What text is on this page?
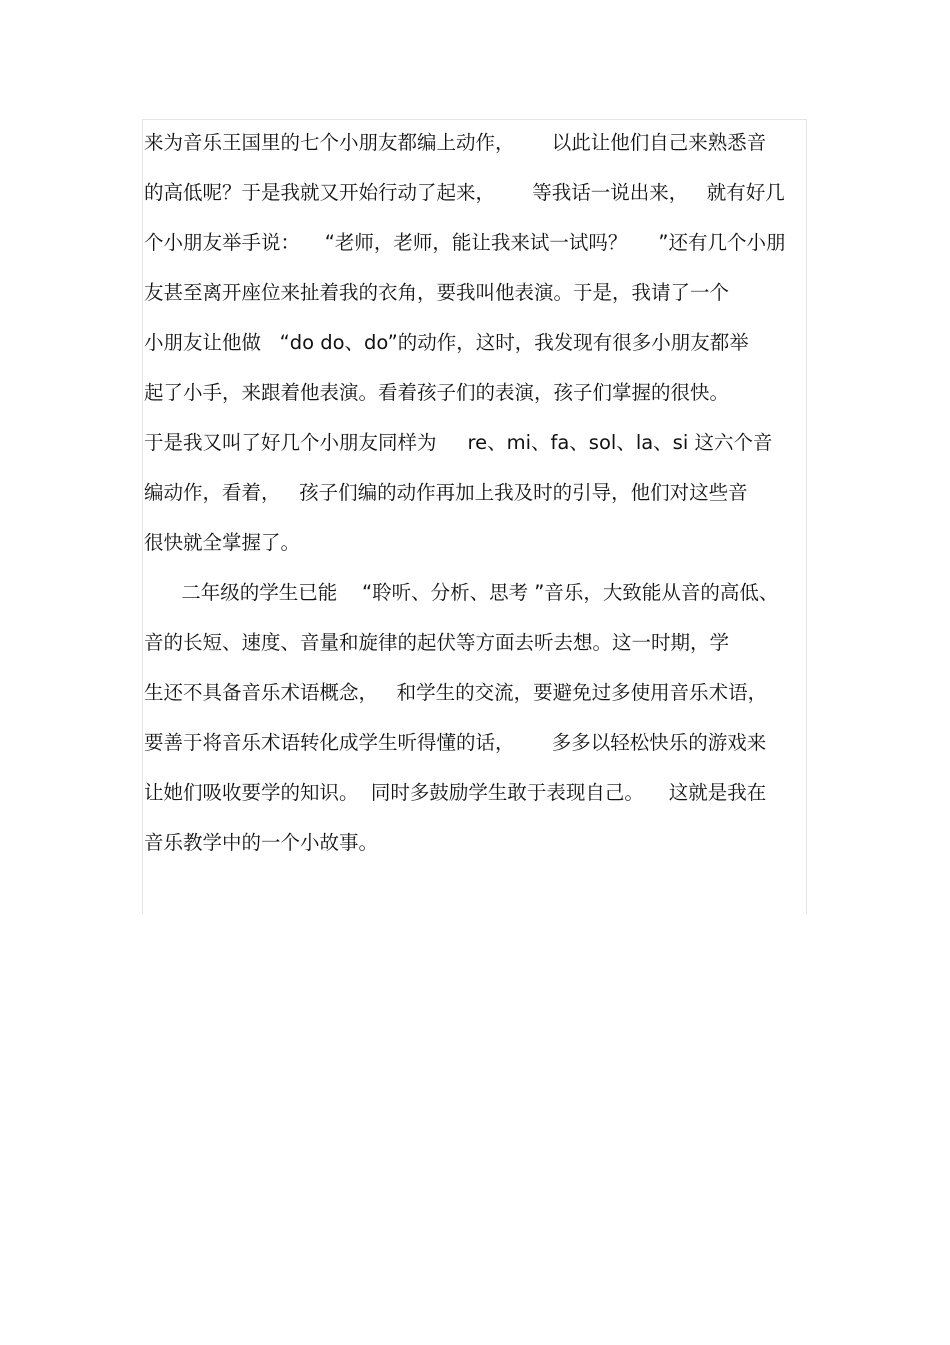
来为音乐王国里的七个小朋友都编上动作，      以此让他们自己来熟悉音
的高低呢？于是我就又开始行动了起来，      等我话一说出来，   就有好几
个小朋友举手说：    “老师，老师，能让我来试一试吗？     ”还有几个小朋
友甚至离开座位来扯着我的衣角，要我叫他表演。于是，我请了一个
小朋友让他做   “do do、do”的动作，这时，我发现有很多小朋友都举
起了小手，来跟着他表演。看着孩子们的表演，孩子们掌握的很快。
于是我又叫了好几个小朋友同样为     re、mi、fa、sol、la、si 这六个音
编动作，看着，   孩子们编的动作再加上我及时的引导，他们对这些音
很快就全掌握了。
二年级的学生已能    “聆听、分析、思考 ”音乐，大致能从音的高低、
音的长短、速度、音量和旋律的起伏等方面去听去想。这一时期，学
生还不具备音乐术语概念，   和学生的交流，要避免过多使用音乐术语，
要善于将音乐术语转化成学生听得懂的话，      多多以轻松快乐的游戏来
让她们吸收要学的知识。  同时多鼓励学生敢于表现自己。    这就是我在
音乐教学中的一个小故事。
